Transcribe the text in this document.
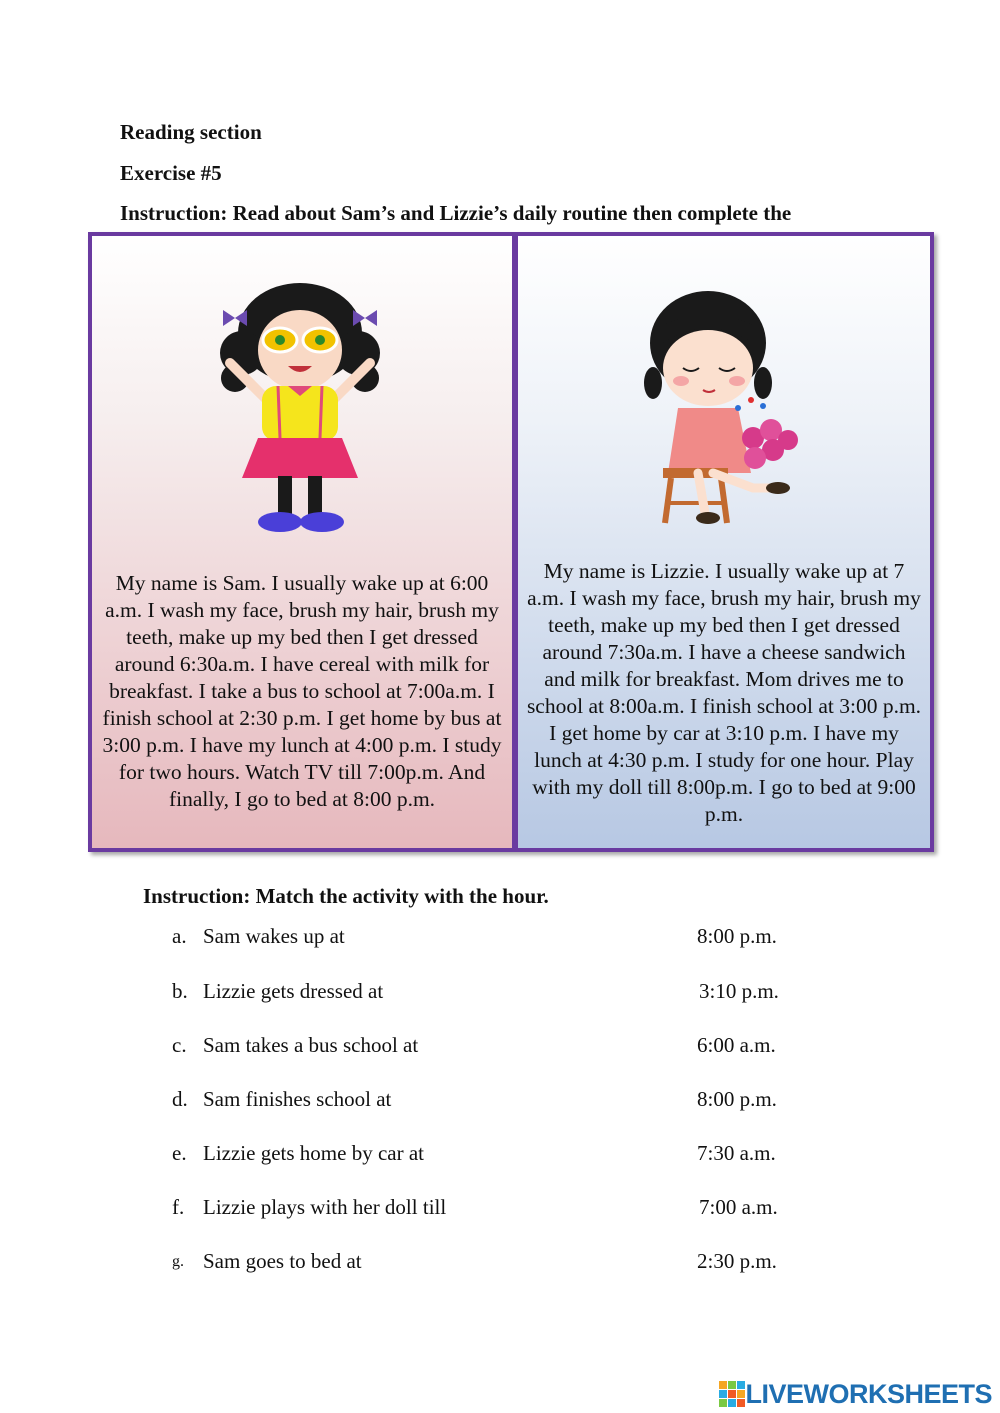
Reading section
Exercise #5
Instruction: Read about Sam’s and Lizzie’s daily routine then complete the
My name is Sam. I usually wake up at 6:00 a.m. I wash my face, brush my hair, brush my teeth, make up my bed then I get dressed around 6:30a.m. I have cereal with milk for breakfast. I take a bus to school at 7:00a.m. I finish school at 2:30 p.m. I get home by bus at 3:00 p.m. I have my lunch at 4:00 p.m. I study for two hours. Watch TV till 7:00p.m. And finally, I go to bed at 8:00 p.m.
My name is Lizzie. I usually wake up at 7 a.m. I wash my face, brush my hair, brush my teeth, make up my bed then I get dressed around 7:30a.m. I have a cheese sandwich and milk for breakfast. Mom drives me to school at 8:00a.m. I finish school at 3:00 p.m. I get home by car at 3:10 p.m. I have my lunch at 4:30 p.m. I study for one hour. Play with my doll till 8:00p.m. I go to bed at 9:00 p.m.
Instruction: Match the activity with the hour.
a. Sam wakes up at	8:00 p.m.
b. Lizzie gets dressed at	3:10 p.m.
c. Sam takes a bus school at	6:00 a.m.
d. Sam finishes school at	8:00 p.m.
e. Lizzie gets home by car at	7:30 a.m.
f. Lizzie plays with her doll till	7:00 a.m.
g. Sam goes to bed at	2:30 p.m.
LIVEWORKSHEETS
